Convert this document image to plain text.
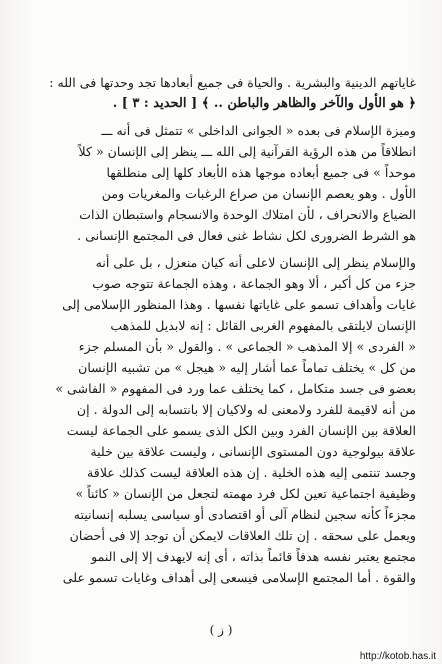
غاياتهم الدينية والبشرية . والحياة فى جميع أبعادها تجد وحدتها فى الله :
﴿ هو الأول والآخر والظاهر والباطن .. ﴾ [ الحديد : ٣ ] .
وميزة الإسلام فى بعده « الجوانى الداخلى » تتمثل فى أنه ـــ
انطلاقاً من هذه الرؤية القرآنية إلى الله ـــ ينظر إلى الإنسان « كلاً
موحداً » فى جميع أبعاده موجها هذه الأبعاد كلها إلى منطلقها
الأول . وهو يعصم الإنسان من صراع الرغبات والمغريات ومن
الضياع والانحراف ، لأن امتلاك الوحدة والانسجام واستبطان الذات
هو الشرط الضرورى لكل نشاط غنى فعال فى المجتمع الإنسانى .
والإسلام ينظر إلى الإنسان لاعلى أنه كيان منعزل ، بل على أنه
جزء من كل أكبر ، ألا وهو الجماعة ، وهذه الجماعة تتوجه صوب
غايات وأهداف تسمو على غاياتها نفسها . وهذا المنظور الإسلامى إلى
الإنسان لايلتقى بالمفهوم الغربى القائل : إنه لابديل للمذهب
« الفردى » إلا المذهب « الجماعى » . والقول « بأن المسلم جزء
من كل » يختلف تماماً عما أشار إليه « هيجل » من تشبيه الإنسان
بعضو فى جسد متكامل ، كما يختلف عما ورد فى المفهوم « الفاشى »
من أنه لاقيمة للفرد ولامعنى له ولاكيان إلا بانتسابه إلى الدولة . إن
العلاقة بين الإنسان الفرد وبين الكل الذى يسمو على الجماعة ليست
علاقة بيولوجية دون المستوى الإنسانى ، وليست علاقة بين خلية
وجسد تنتمى إليه هذه الخلية . إن هذه العلاقة ليست كذلك علاقة
وظيفية اجتماعية تعين لكل فرد مهمته لتجعل من الإنسان « كائناً »
مجزءاً كأنه سجين لنظام آلى أو اقتصادى أو سياسى يسلبه إنسانيته
ويعمل على سحقه . إن تلك العلاقات لايمكن أن توجد إلا فى أحضان
مجتمع يعتبر نفسه هدفاً قائماً بذاته ، أى إنه لايهدف إلا إلى النمو
والقوة . أما المجتمع الإسلامى فيسعى إلى أهداف وغايات تسمو على
( ز )
http://kotob.has.it
